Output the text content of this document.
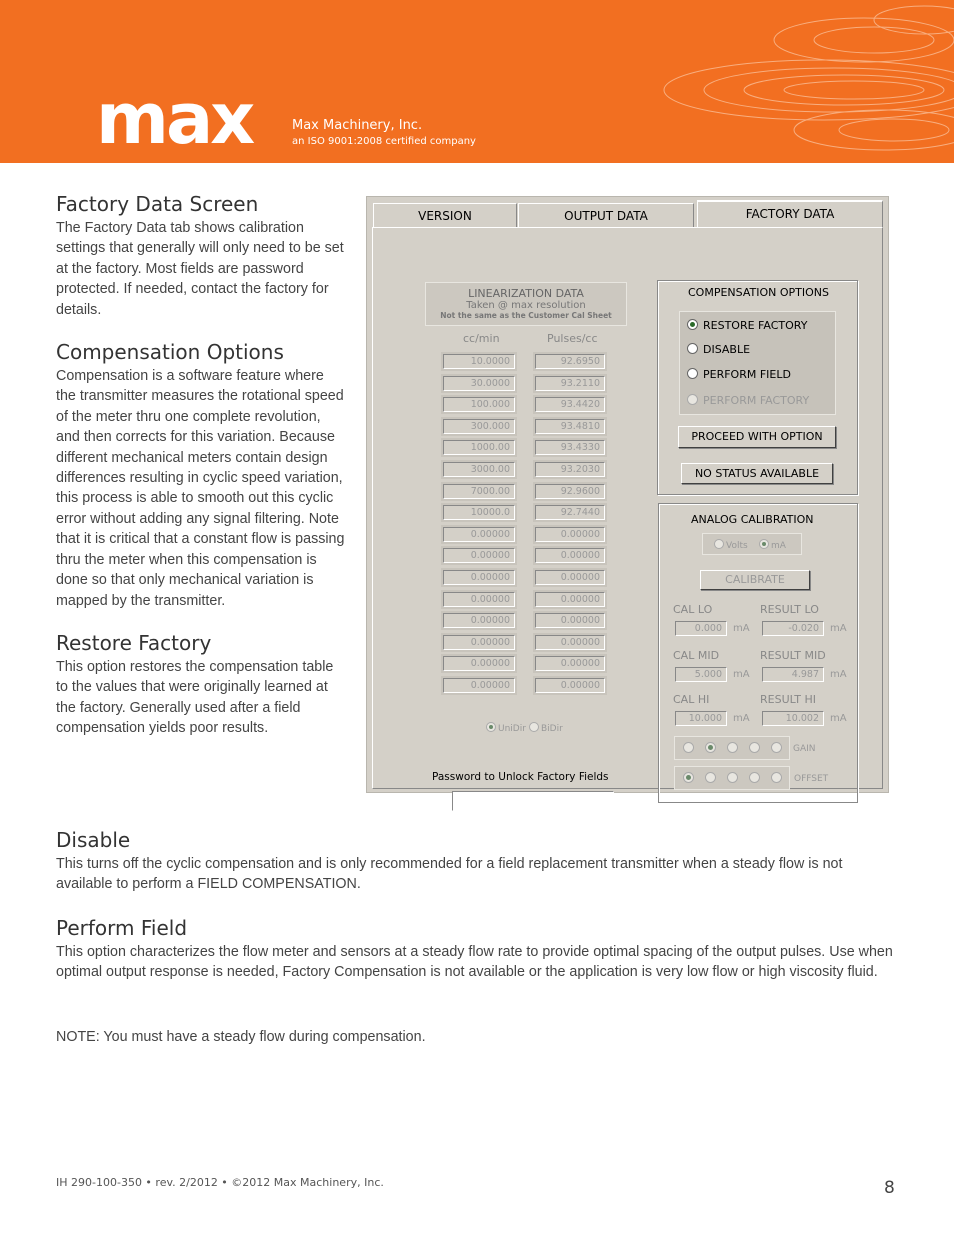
max	Max Machinery, Inc.
an ISO 9001:2008 certified company
Factory Data Screen

The Factory Data tab shows calibration settings that generally will only need to be set at the factory. Most fields are password protected. If needed, contact the factory for details.

Compensation Options

Compensation is a software feature where the transmitter measures the rotational speed of the meter thru one complete revolution, and then corrects for this variation. Because different mechanical meters contain design differences resulting in cyclic speed variation, this process is able to smooth out this cyclic error without adding any signal filtering. Note that it is critical that a constant flow is passing thru the meter when this compensation is done so that only mechanical variation is mapped by the transmitter.

Restore Factory

This option restores the compensation table to the values that were originally learned at the factory. Generally used after a field compensation yields poor results.

VERSION	OUTPUT DATA	FACTORY DATA
LINEARIZATION DATA
Taken @ max resolution
Not the same as the Customer Cal Sheet
cc/min	Pulses/cc
10.0000	92.6950
30.0000	93.2110
100.000	93.4420
300.000	93.4810
1000.00	93.4330
3000.00	93.2030
7000.00	92.9600
10000.0	92.7440
0.00000	0.00000
0.00000	0.00000
0.00000	0.00000
0.00000	0.00000
0.00000	0.00000
0.00000	0.00000
0.00000	0.00000
0.00000	0.00000
UniDir	BiDir
Password to Unlock Factory Fields
COMPENSATION OPTIONS
RESTORE FACTORY
DISABLE
PERFORM FIELD
PERFORM FACTORY
PROCEED WITH OPTION
NO STATUS AVAILABLE
ANALOG CALIBRATION
Volts	mA
CALIBRATE
CAL LO	RESULT LO
0.000	mA	-0.020	mA
CAL MID	RESULT MID
5.000	mA	4.987	mA
CAL HI	RESULT HI
10.000	mA	10.002	mA
GAIN
OFFSET
Disable

This turns off the cyclic compensation and is only recommended for a field replacement transmitter when a steady flow is not available to perform a FIELD COMPENSATION.

Perform Field

This option characterizes the flow meter and sensors at a steady flow rate to provide optimal spacing of the output pulses. Use when optimal output response is needed, Factory Compensation is not available or the application is very low flow or high viscosity fluid.

NOTE: You must have a steady flow during compensation.

IH 290-100-350 • rev. 2/2012 • ©2012 Max Machinery, Inc.	8
